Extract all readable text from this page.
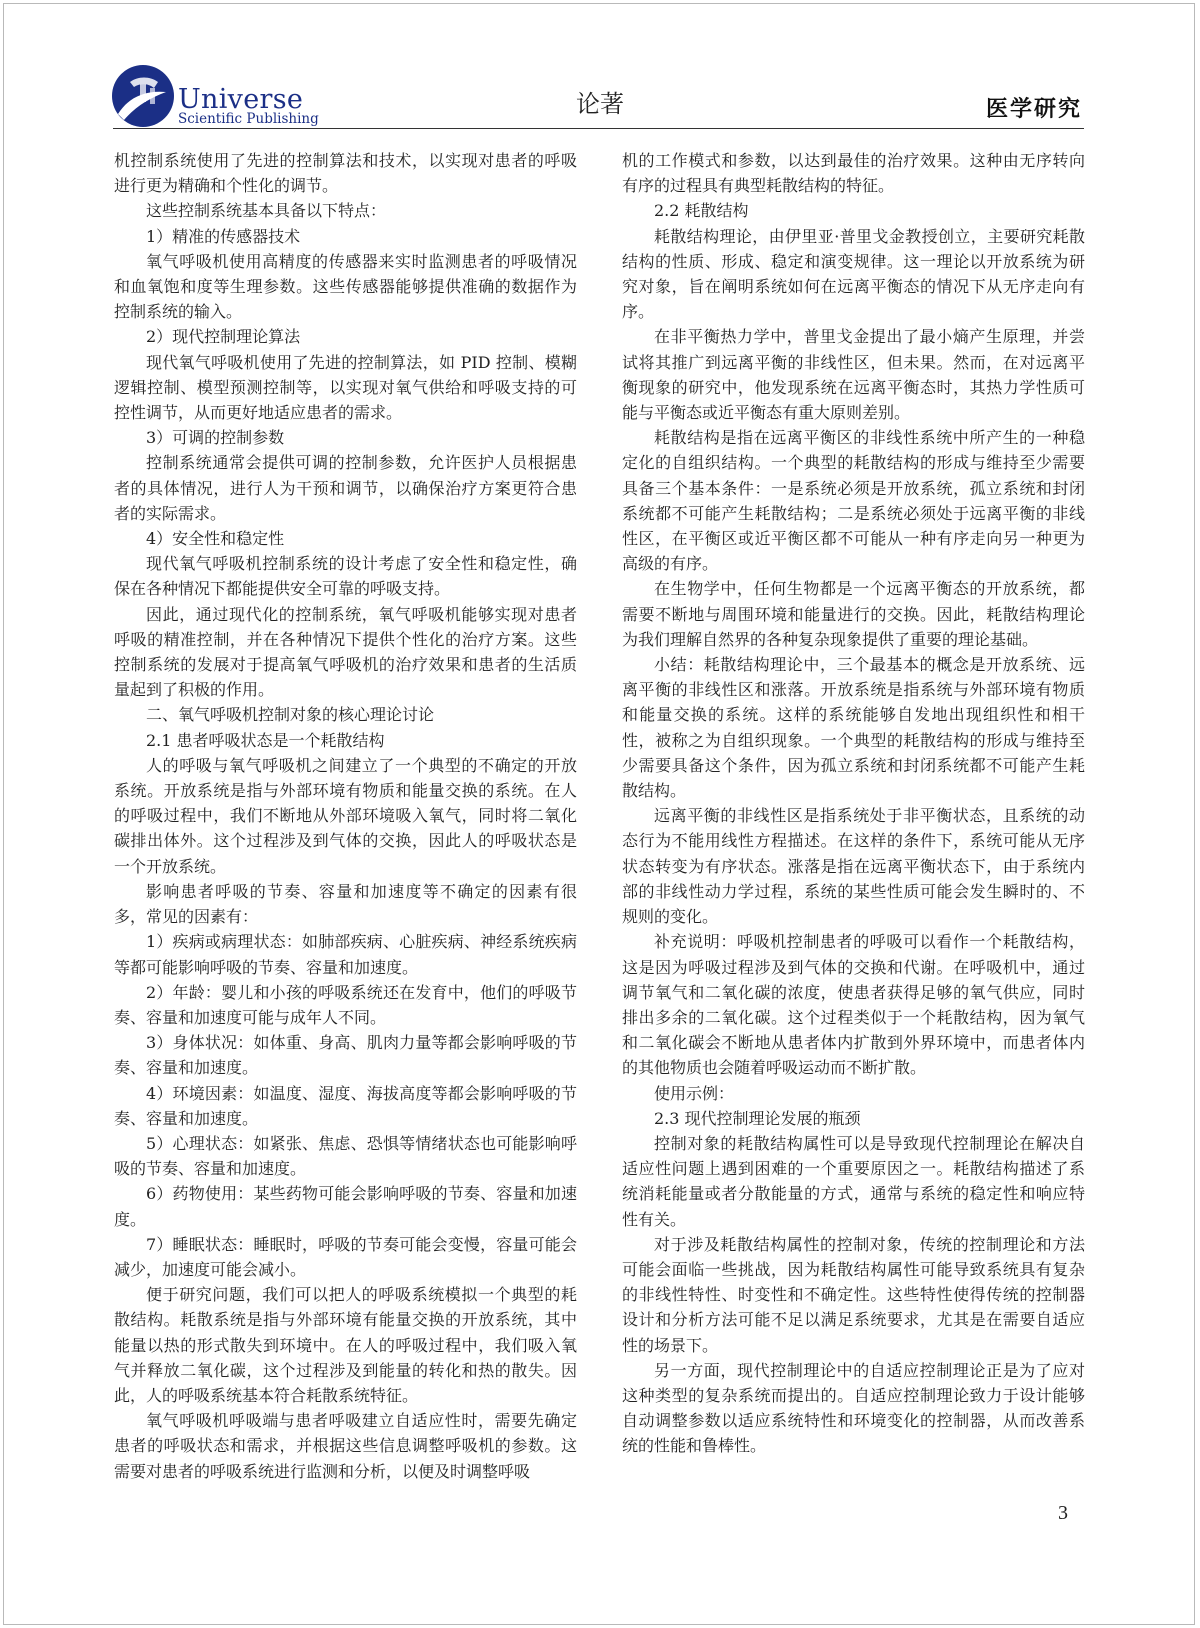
Universe
Scientific Publishing
论著	医学研究

机控制系统使用了先进的控制算法和技术，以实现对患者的呼吸进行更为精确和个性化的调节。

这些控制系统基本具备以下特点：

1）精准的传感器技术

氧气呼吸机使用高精度的传感器来实时监测患者的呼吸情况和血氧饱和度等生理参数。这些传感器能够提供准确的数据作为控制系统的输入。

2）现代控制理论算法

现代氧气呼吸机使用了先进的控制算法，如 PID 控制、模糊逻辑控制、模型预测控制等，以实现对氧气供给和呼吸支持的可控性调节，从而更好地适应患者的需求。

3）可调的控制参数

控制系统通常会提供可调的控制参数，允许医护人员根据患者的具体情况，进行人为干预和调节，以确保治疗方案更符合患者的实际需求。

4）安全性和稳定性

现代氧气呼吸机控制系统的设计考虑了安全性和稳定性，确保在各种情况下都能提供安全可靠的呼吸支持。

因此，通过现代化的控制系统，氧气呼吸机能够实现对患者呼吸的精准控制，并在各种情况下提供个性化的治疗方案。这些控制系统的发展对于提高氧气呼吸机的治疗效果和患者的生活质量起到了积极的作用。

二、氧气呼吸机控制对象的核心理论讨论

2.1 患者呼吸状态是一个耗散结构

人的呼吸与氧气呼吸机之间建立了一个典型的不确定的开放系统。开放系统是指与外部环境有物质和能量交换的系统。在人的呼吸过程中，我们不断地从外部环境吸入氧气，同时将二氧化碳排出体外。这个过程涉及到气体的交换，因此人的呼吸状态是一个开放系统。

影响患者呼吸的节奏、容量和加速度等不确定的因素有很多，常见的因素有：

1）疾病或病理状态：如肺部疾病、心脏疾病、神经系统疾病等都可能影响呼吸的节奏、容量和加速度。

2）年龄：婴儿和小孩的呼吸系统还在发育中，他们的呼吸节奏、容量和加速度可能与成年人不同。

3）身体状况：如体重、身高、肌肉力量等都会影响呼吸的节奏、容量和加速度。

4）环境因素：如温度、湿度、海拔高度等都会影响呼吸的节奏、容量和加速度。

5）心理状态：如紧张、焦虑、恐惧等情绪状态也可能影响呼吸的节奏、容量和加速度。

6）药物使用：某些药物可能会影响呼吸的节奏、容量和加速度。

7）睡眠状态：睡眠时，呼吸的节奏可能会变慢，容量可能会减少，加速度可能会减小。

便于研究问题，我们可以把人的呼吸系统模拟一个典型的耗散结构。耗散系统是指与外部环境有能量交换的开放系统，其中能量以热的形式散失到环境中。在人的呼吸过程中，我们吸入氧气并释放二氧化碳，这个过程涉及到能量的转化和热的散失。因此，人的呼吸系统基本符合耗散系统特征。

氧气呼吸机呼吸端与患者呼吸建立自适应性时，需要先确定患者的呼吸状态和需求，并根据这些信息调整呼吸机的参数。这需要对患者的呼吸系统进行监测和分析，以便及时调整呼吸

机的工作模式和参数，以达到最佳的治疗效果。这种由无序转向有序的过程具有典型耗散结构的特征。

2.2 耗散结构

耗散结构理论，由伊里亚·普里戈金教授创立，主要研究耗散结构的性质、形成、稳定和演变规律。这一理论以开放系统为研究对象，旨在阐明系统如何在远离平衡态的情况下从无序走向有序。

在非平衡热力学中，普里戈金提出了最小熵产生原理，并尝试将其推广到远离平衡的非线性区，但未果。然而，在对远离平衡现象的研究中，他发现系统在远离平衡态时，其热力学性质可能与平衡态或近平衡态有重大原则差别。

耗散结构是指在远离平衡区的非线性系统中所产生的一种稳定化的自组织结构。一个典型的耗散结构的形成与维持至少需要具备三个基本条件：一是系统必须是开放系统，孤立系统和封闭系统都不可能产生耗散结构；二是系统必须处于远离平衡的非线性区，在平衡区或近平衡区都不可能从一种有序走向另一种更为高级的有序。

在生物学中，任何生物都是一个远离平衡态的开放系统，都需要不断地与周围环境和能量进行的交换。因此，耗散结构理论为我们理解自然界的各种复杂现象提供了重要的理论基础。

小结：耗散结构理论中，三个最基本的概念是开放系统、远离平衡的非线性区和涨落。开放系统是指系统与外部环境有物质和能量交换的系统。这样的系统能够自发地出现组织性和相干性，被称之为自组织现象。一个典型的耗散结构的形成与维持至少需要具备这个条件，因为孤立系统和封闭系统都不可能产生耗散结构。

远离平衡的非线性区是指系统处于非平衡状态，且系统的动态行为不能用线性方程描述。在这样的条件下，系统可能从无序状态转变为有序状态。涨落是指在远离平衡状态下，由于系统内部的非线性动力学过程，系统的某些性质可能会发生瞬时的、不规则的变化。

补充说明：呼吸机控制患者的呼吸可以看作一个耗散结构，这是因为呼吸过程涉及到气体的交换和代谢。在呼吸机中，通过调节氧气和二氧化碳的浓度，使患者获得足够的氧气供应，同时排出多余的二氧化碳。这个过程类似于一个耗散结构，因为氧气和二氧化碳会不断地从患者体内扩散到外界环境中，而患者体内的其他物质也会随着呼吸运动而不断扩散。

使用示例：

2.3 现代控制理论发展的瓶颈

控制对象的耗散结构属性可以是导致现代控制理论在解决自适应性问题上遇到困难的一个重要原因之一。耗散结构描述了系统消耗能量或者分散能量的方式，通常与系统的稳定性和响应特性有关。

对于涉及耗散结构属性的控制对象，传统的控制理论和方法可能会面临一些挑战，因为耗散结构属性可能导致系统具有复杂的非线性特性、时变性和不确定性。这些特性使得传统的控制器设计和分析方法可能不足以满足系统要求，尤其是在需要自适应性的场景下。

另一方面，现代控制理论中的自适应控制理论正是为了应对这种类型的复杂系统而提出的。自适应控制理论致力于设计能够自动调整参数以适应系统特性和环境变化的控制器，从而改善系统的性能和鲁棒性。

3
